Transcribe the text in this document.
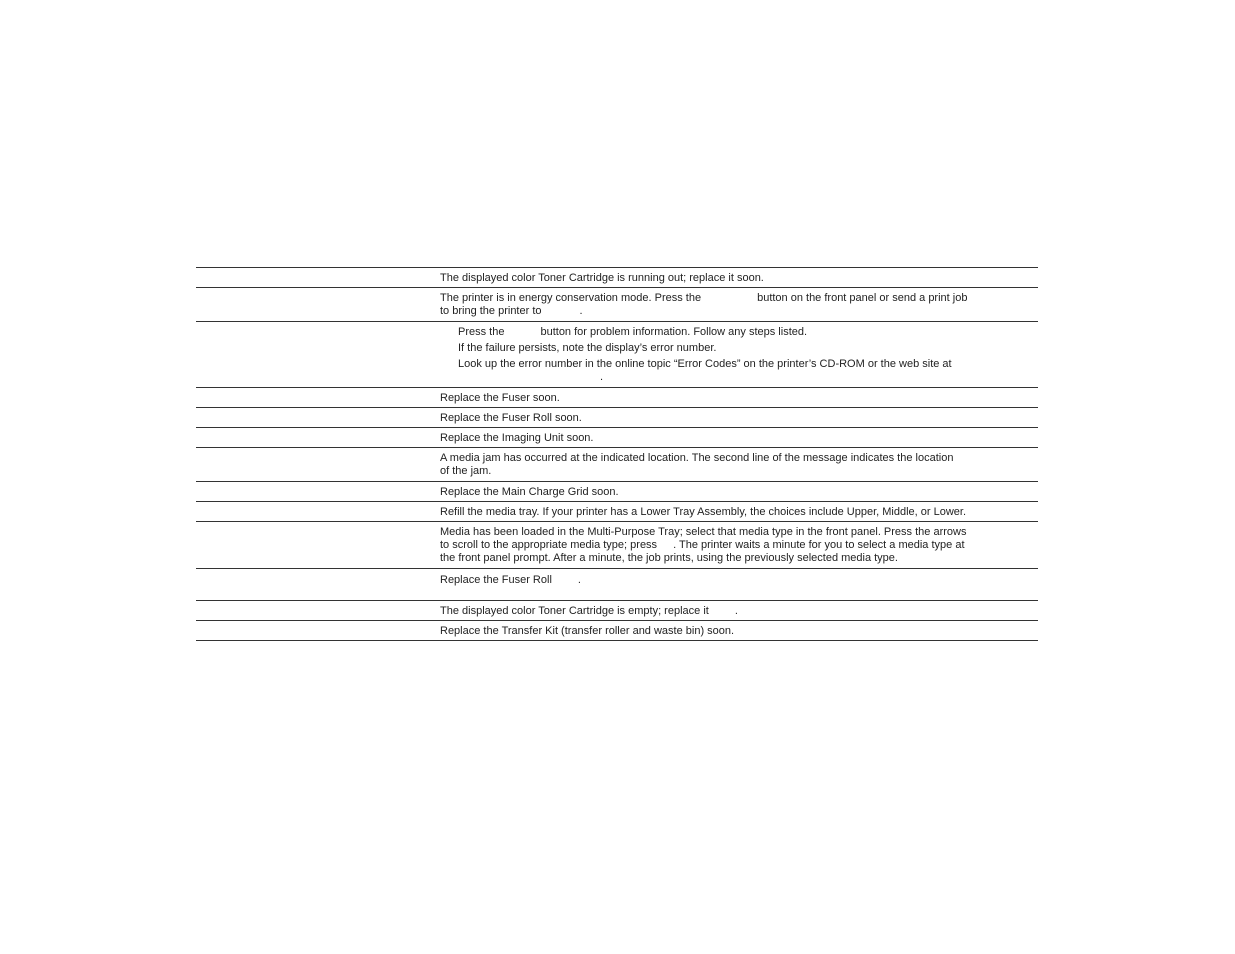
The displayed color Toner Cartridge is running out; replace it soon.
The printer is in energy conservation mode. Press the	button on the front panel or send a print job
to bring the printer to	.
Press the	button for problem information. Follow any steps listed.
If the failure persists, note the display’s error number.
Look up the error number in the online topic “Error Codes” on the printer’s CD-ROM or the web site at
.
Replace the Fuser soon.
Replace the Fuser Roll soon.
Replace the Imaging Unit soon.
A media jam has occurred at the indicated location. The second line of the message indicates the location
of the jam.
Replace the Main Charge Grid soon.
Refill the media tray. If your printer has a Lower Tray Assembly, the choices include Upper, Middle, or Lower.
Media has been loaded in the Multi-Purpose Tray; select that media type in the front panel. Press the arrows
to scroll to the appropriate media type; press . The printer waits a minute for you to select a media type at
the front panel prompt. After a minute, the job prints, using the previously selected media type.
Replace the Fuser Roll .
The displayed color Toner Cartridge is empty; replace it .
Replace the Transfer Kit (transfer roller and waste bin) soon.
